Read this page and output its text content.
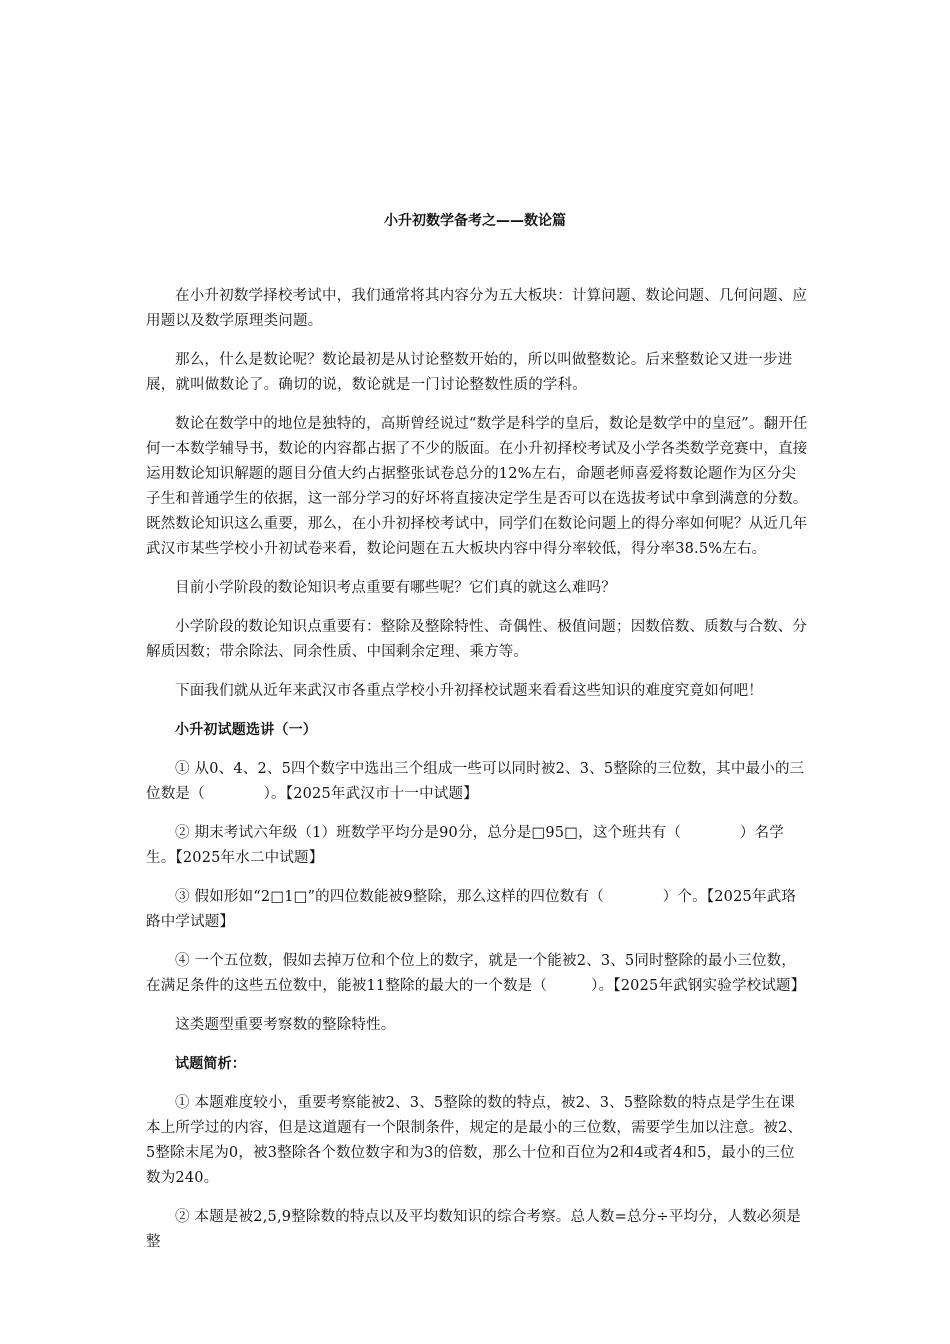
小升初数学备考之——数论篇

在小升初数学择校考试中，我们通常将其内容分为五大板块：计算问题、数论问题、几何问题、应用题以及数学原理类问题。

那么，什么是数论呢？数论最初是从讨论整数开始的，所以叫做整数论。后来整数论又进一步进展，就叫做数论了。确切的说，数论就是一门讨论整数性质的学科。

数论在数学中的地位是独特的，高斯曾经说过“数学是科学的皇后，数论是数学中的皇冠”。翻开任何一本数学辅导书，数论的内容都占据了不少的版面。在小升初择校考试及小学各类数学竞赛中，直接运用数论知识解题的题目分值大约占据整张试卷总分的12%左右，命题老师喜爱将数论题作为区分尖子生和普通学生的依据，这一部分学习的好坏将直接决定学生是否可以在选拔考试中拿到满意的分数。既然数论知识这么重要，那么，在小升初择校考试中，同学们在数论问题上的得分率如何呢？从近几年武汉市某些学校小升初试卷来看，数论问题在五大板块内容中得分率较低，得分率38.5%左右。

目前小学阶段的数论知识考点重要有哪些呢？它们真的就这么难吗？

小学阶段的数论知识点重要有：整除及整除特性、奇偶性、极值问题；因数倍数、质数与合数、分解质因数；带余除法、同余性质、中国剩余定理、乘方等。

下面我们就从近年来武汉市各重点学校小升初择校试题来看看这些知识的难度究竟如何吧！

小升初试题选讲（一）

① 从0、4、2、5四个数字中选出三个组成一些可以同时被2、3、5整除的三位数，其中最小的三位数是（　　　　）。【2025年武汉市十一中试题】

② 期末考试六年级（1）班数学平均分是90分，总分是□95□，这个班共有（　　　　）名学生。【2025年水二中试题】

③ 假如形如“2□1□”的四位数能被9整除，那么这样的四位数有（　　　　）个。【2025年武珞路中学试题】

④ 一个五位数，假如去掉万位和个位上的数字，就是一个能被2、3、5同时整除的最小三位数，在满足条件的这些五位数中，能被11整除的最大的一个数是（　　　）。【2025年武钢实验学校试题】

这类题型重要考察数的整除特性。

试题简析：

① 本题难度较小，重要考察能被2、3、5整除的数的特点，被2、3、5整除数的特点是学生在课本上所学过的内容，但是这道题有一个限制条件，规定的是最小的三位数，需要学生加以注意。被2、5整除末尾为0，被3整除各个数位数字和为3的倍数，那么十位和百位为2和4或者4和5，最小的三位数为240。

② 本题是被2,5,9整除数的特点以及平均数知识的综合考察。总人数=总分÷平均分，人数必须是整
